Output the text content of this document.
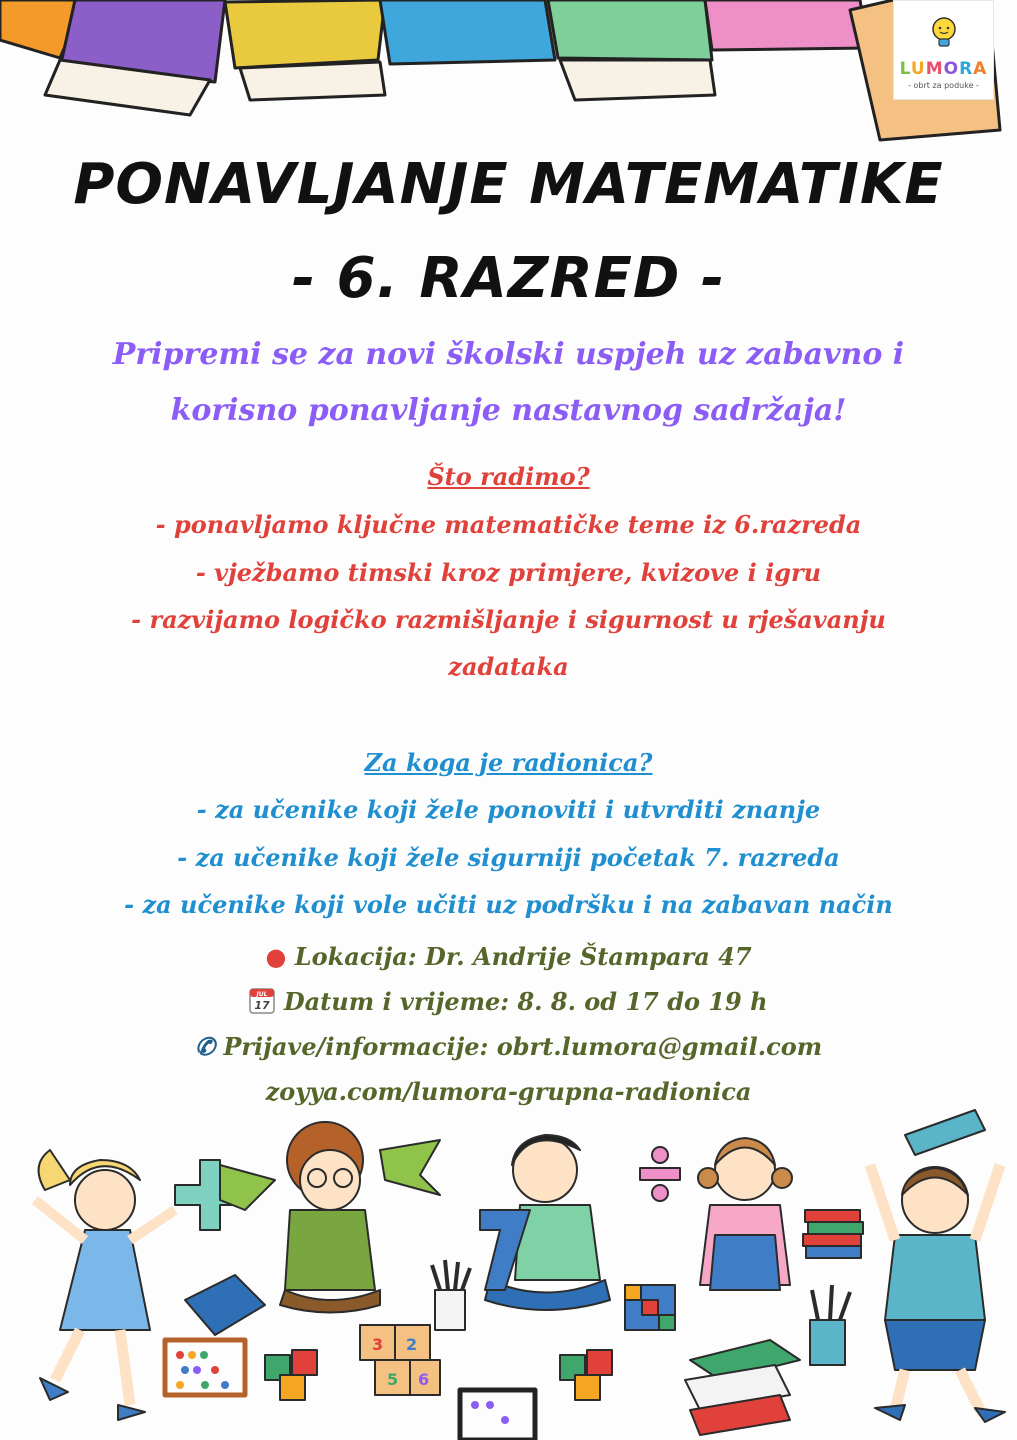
LUMORA
- obrt za poduke -
PONAVLJANJE MATEMATIKE
- 6. RAZRED -
Pripremi se za novi školski uspjeh uz zabavno i
korisno ponavljanje nastavnog sadržaja!
Što radimo?
- ponavljamo ključne matematičke teme iz 6.razreda
- vježbamo timski kroz primjere, kvizove i igru
- razvijamo logičko razmišljanje i sigurnost u rješavanju
zadataka
Za koga je radionica?
- za učenike koji žele ponoviti i utvrditi znanje
- za učenike koji žele sigurniji početak 7. razreda
- za učenike koji vole učiti uz podršku i na zabavan način
● Lokacija: Dr. Andrije Štampara 47
JUL
17 Datum i vrijeme: 8. 8. od 17 do 19 h
✆ Prijave/informacije: obrt.lumora@gmail.com
zoyya.com/lumora-grupna-radionica
3 2
5 6
